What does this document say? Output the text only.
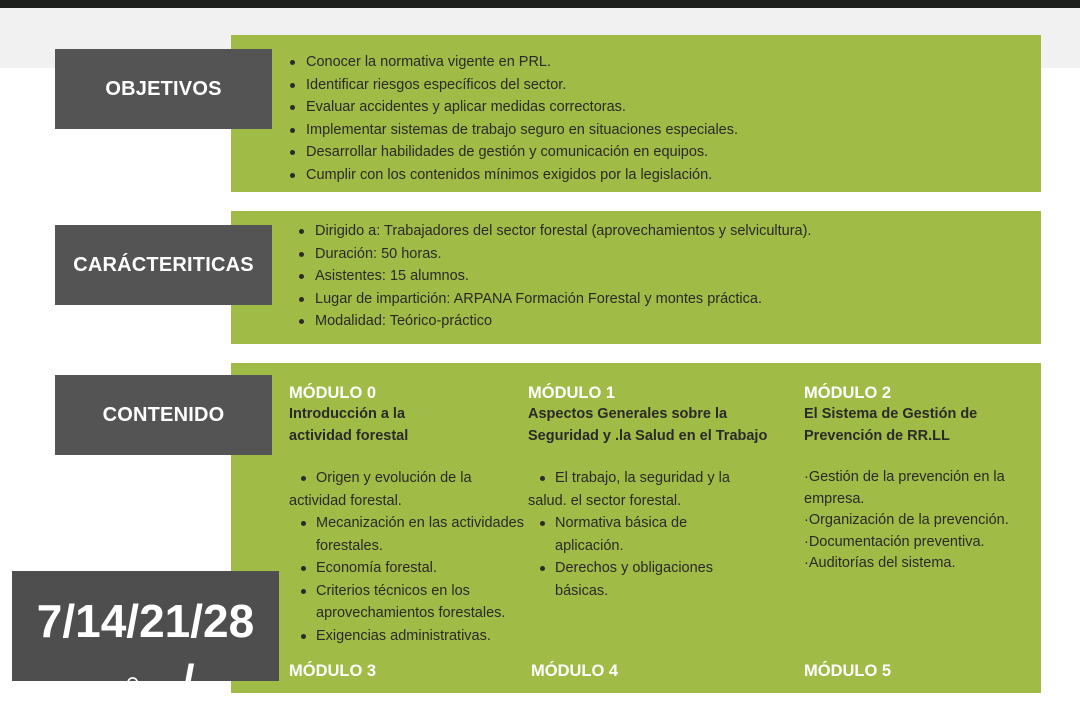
Conocer la normativa vigente en PRL.
Identificar riesgos específicos del sector.
Evaluar accidentes y aplicar medidas correctoras.
Implementar sistemas de trabajo seguro en situaciones especiales.
Desarrollar habilidades de gestión y comunicación en equipos.
Cumplir con los contenidos mínimos exigidos por la legislación.
OBJETIVOS
Dirigido a: Trabajadores del sector forestal (aprovechamientos y selvicultura).
Duración: 50 horas.
Asistentes: 15 alumnos.
Lugar de impartición: ARPANA Formación Forestal y montes práctica.
Modalidad: Teórico-práctico
CARÁCTERITICAS
CONTENIDO
MÓDULO 0
Introducción a la
actividad forestal
Origen y evolución de la actividad forestal.
Mecanización en las actividades forestales.
Economía forestal.
Criterios técnicos en los aprovechamientos forestales.
Exigencias administrativas.
MÓDULO 1
Aspectos Generales sobre la
Seguridad y .la Salud en el Trabajo
El trabajo, la seguridad y la salud. el sector forestal.
Normativa básica de aplicación.
Derechos y obligaciones básicas.
MÓDULO 2
El Sistema de Gestión de
Prevención de RR.LL
·Gestión de la prevención en la empresa.
·Organización de la prevención.
·Documentación preventiva.
·Auditorías del sistema.
MÓDULO 3	MÓDULO 4	MÓDULO 5
7/14/21/28
- ◦ - /
